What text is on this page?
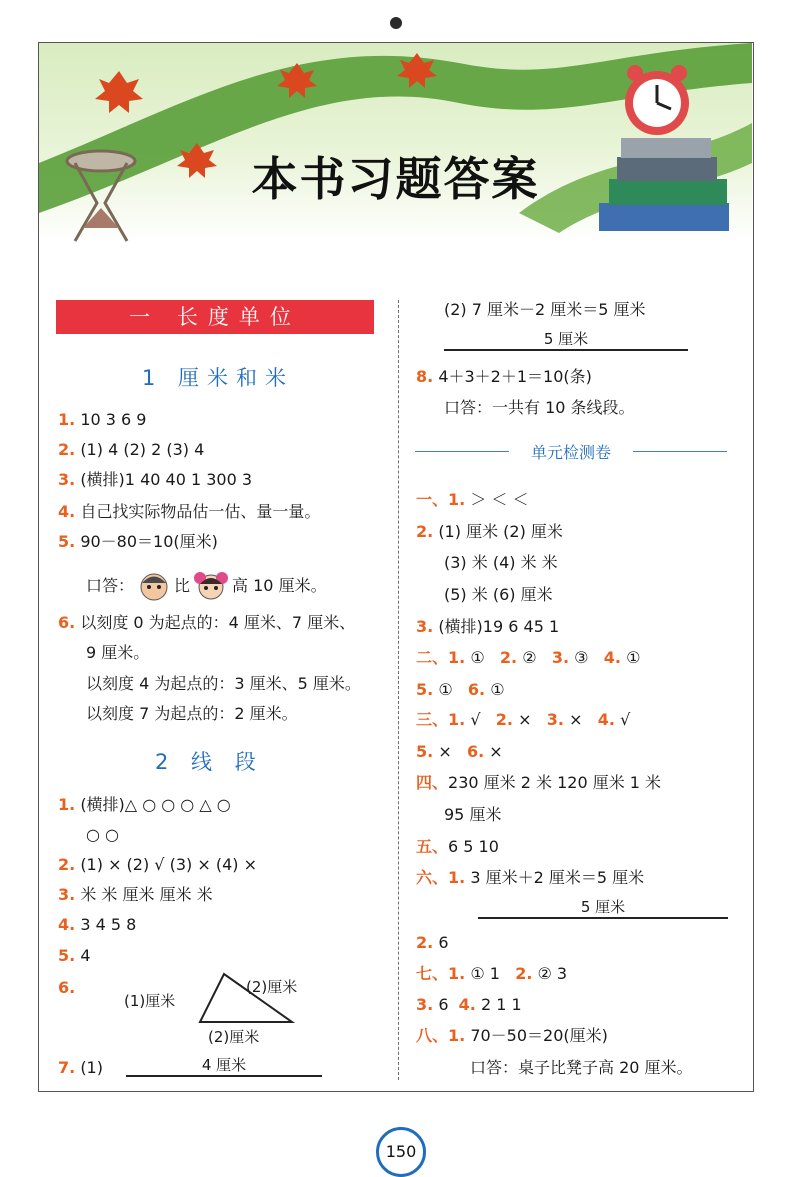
本书习题答案
一 长度单位
1 厘米和米
1. 10 3 6 9
2. (1) 4 (2) 2 (3) 4
3. (横排)1 40 40 1 300 3
4. 自己找实际物品估一估、量一量。
5. 90－80＝10(厘米)
口答：	比	高 10 厘米。
6. 以刻度 0 为起点的：4 厘米、7 厘米、
9 厘米。
以刻度 4 为起点的：3 厘米、5 厘米。
以刻度 7 为起点的：2 厘米。
2 线 段
1. (横排)△ ○ ○ ○ △ ○
○ ○
2. (1) × (2) √ (3) × (4) ×
3. 米 米 厘米 厘米 米
4. 3 4 5 8
5. 4
6.
(1)厘米
(2)厘米
(2)厘米
7. (1)	4 厘米
(2) 7 厘米－2 厘米＝5 厘米
5 厘米
8. 4＋3＋2＋1＝10(条)
口答：一共有 10 条线段。
单元检测卷
一、1. ＞ ＜ ＜
2. (1) 厘米 (2) 厘米
(3) 米 (4) 米 米
(5) 米 (6) 厘米
3. (横排)19 6 45 1
二、1. ① 2. ② 3. ③ 4. ①
5. ① 6. ①
三、1. √ 2. × 3. × 4. √
5. × 6. ×
四、230 厘米 2 米 120 厘米 1 米
95 厘米
五、6 5 10
六、1. 3 厘米＋2 厘米＝5 厘米
5 厘米
2. 6
七、1. ① 1 2. ② 3
3. 6 4. 2 1 1
八、1. 70－50＝20(厘米)
口答：桌子比凳子高 20 厘米。
150
